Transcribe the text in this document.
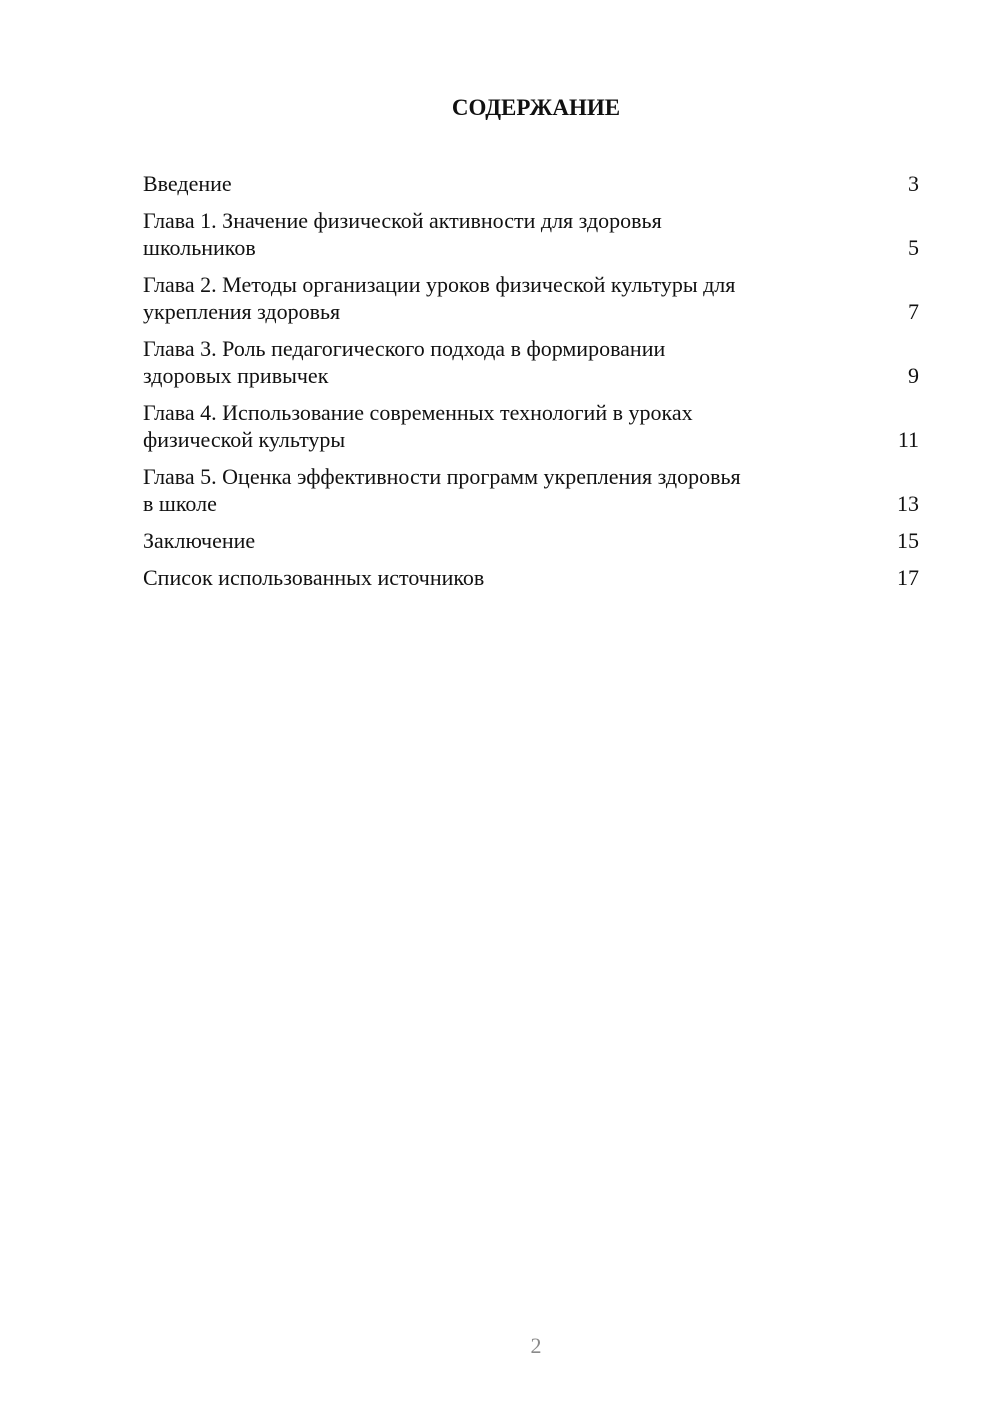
СОДЕРЖАНИЕ
Введение	3
Глава 1. Значение физической активности для здоровья
школьников	5
Глава 2. Методы организации уроков физической культуры для
укрепления здоровья	7
Глава 3. Роль педагогического подхода в формировании
здоровых привычек	9
Глава 4. Использование современных технологий в уроках
физической культуры	11
Глава 5. Оценка эффективности программ укрепления здоровья
в школе	13
Заключение	15
Список использованных источников	17
2
